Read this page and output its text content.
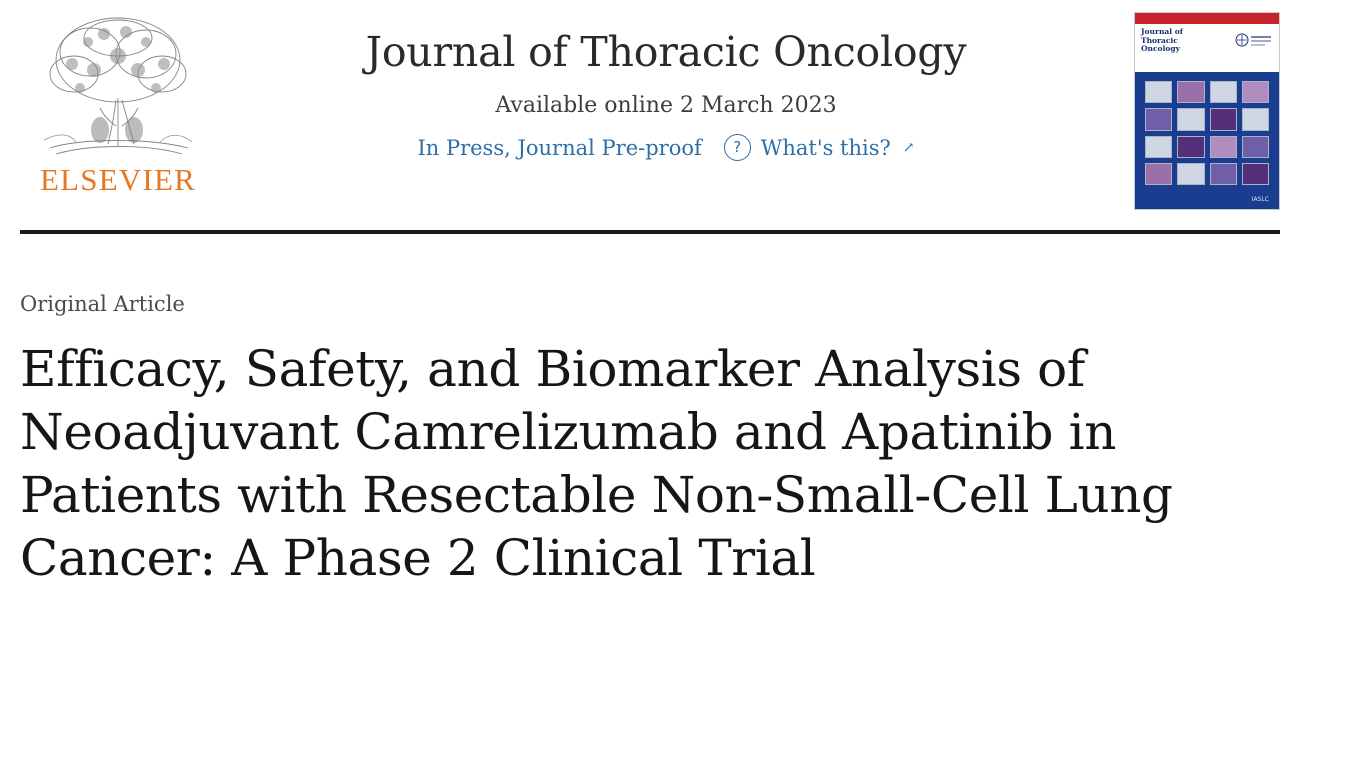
ELSEVIER
Journal of Thoracic Oncology
Available online 2 March 2023
In Press, Journal Pre-proof	? What's this? ↗
Journal of
Thoracic
Oncology
IASLC
Original Article
Efficacy, Safety, and Biomarker Analysis of Neoadjuvant Camrelizumab and Apatinib in Patients with Resectable Non-Small-Cell Lung Cancer: A Phase 2 Clinical Trial
